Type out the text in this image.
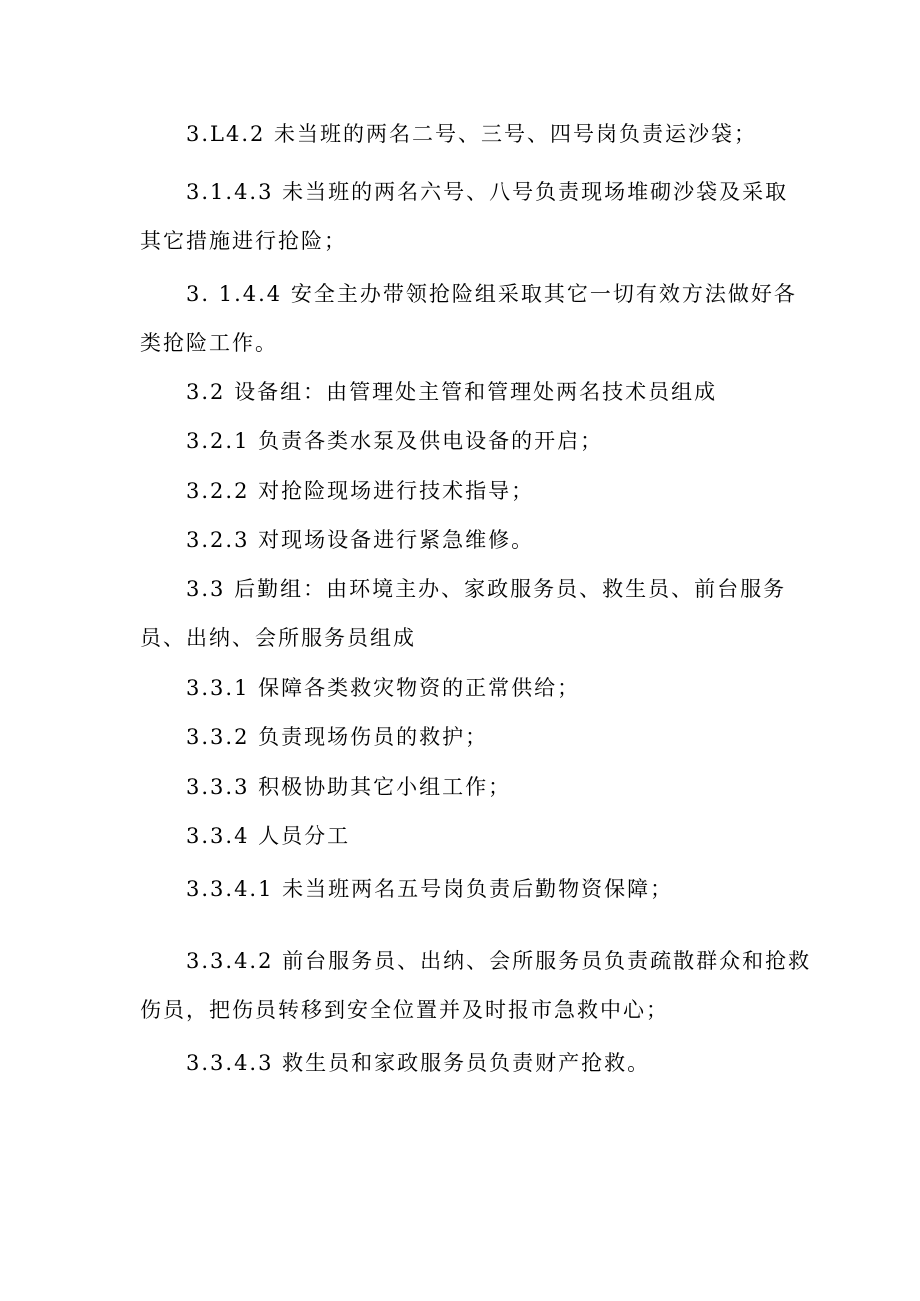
3.L4.2 未当班的两名二号、三号、四号岗负责运沙袋；

3.1.4.3 未当班的两名六号、八号负责现场堆砌沙袋及采取
其它措施进行抢险；

3. 1.4.4 安全主办带领抢险组采取其它一切有效方法做好各
类抢险工作。

3.2 设备组：由管理处主管和管理处两名技术员组成

3.2.1 负责各类水泵及供电设备的开启；

3.2.2 对抢险现场进行技术指导；

3.2.3 对现场设备进行紧急维修。

3.3 后勤组：由环境主办、家政服务员、救生员、前台服务
员、出纳、会所服务员组成

3.3.1 保障各类救灾物资的正常供给；

3.3.2 负责现场伤员的救护；

3.3.3 积极协助其它小组工作；

3.3.4 人员分工

3.3.4.1 未当班两名五号岗负责后勤物资保障；

3.3.4.2 前台服务员、出纳、会所服务员负责疏散群众和抢救
伤员，把伤员转移到安全位置并及时报市急救中心；

3.3.4.3 救生员和家政服务员负责财产抢救。
